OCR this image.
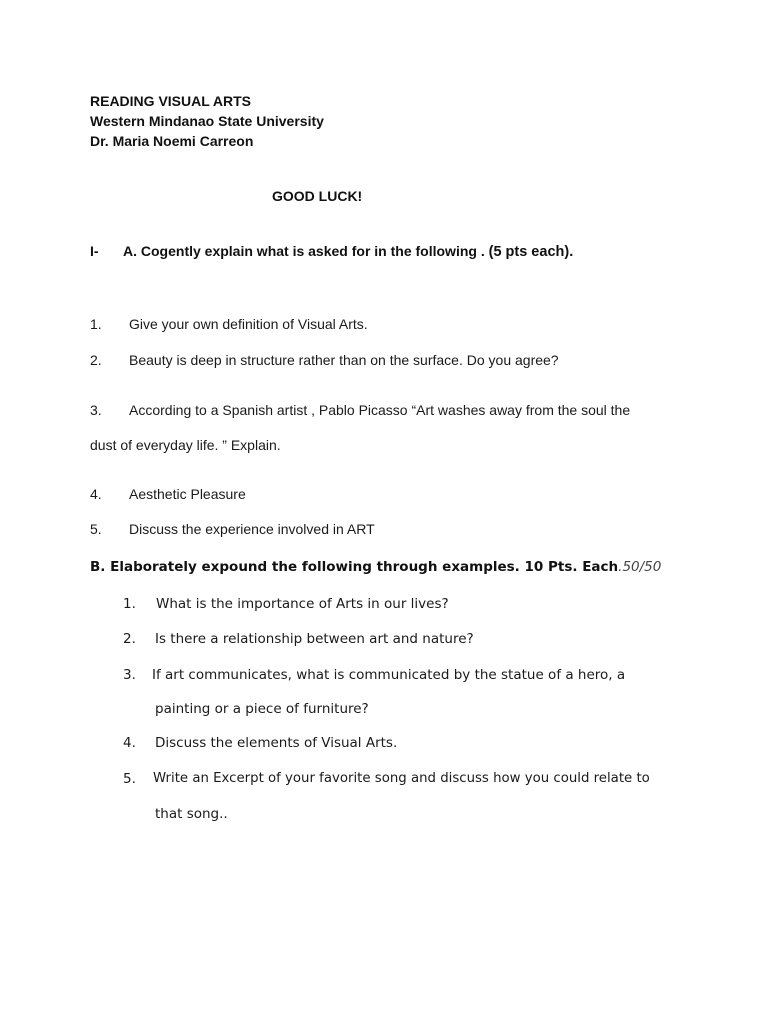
READING VISUAL ARTS
Western Mindanao State University
Dr. Maria Noemi Carreon
GOOD LUCK!
I- A. Cogently explain what is asked for in the following . (5 pts each).
1. Give your own definition of Visual Arts.
2. Beauty is deep in structure rather than on the surface. Do you agree?
3. According to a Spanish artist , Pablo Picasso “Art washes away from the soul the
dust of everyday life. ” Explain.
4. Aesthetic Pleasure
5. Discuss the experience involved in ART
B. Elaborately expound the following through examples. 10 Pts. Each.50/50
1. What is the importance of Arts in our lives?
2. Is there a relationship between art and nature?
3. If art communicates, what is communicated by the statue of a hero, a
painting or a piece of furniture?
4. Discuss the elements of Visual Arts.
5. Write an Excerpt of your favorite song and discuss how you could relate to
that song..
